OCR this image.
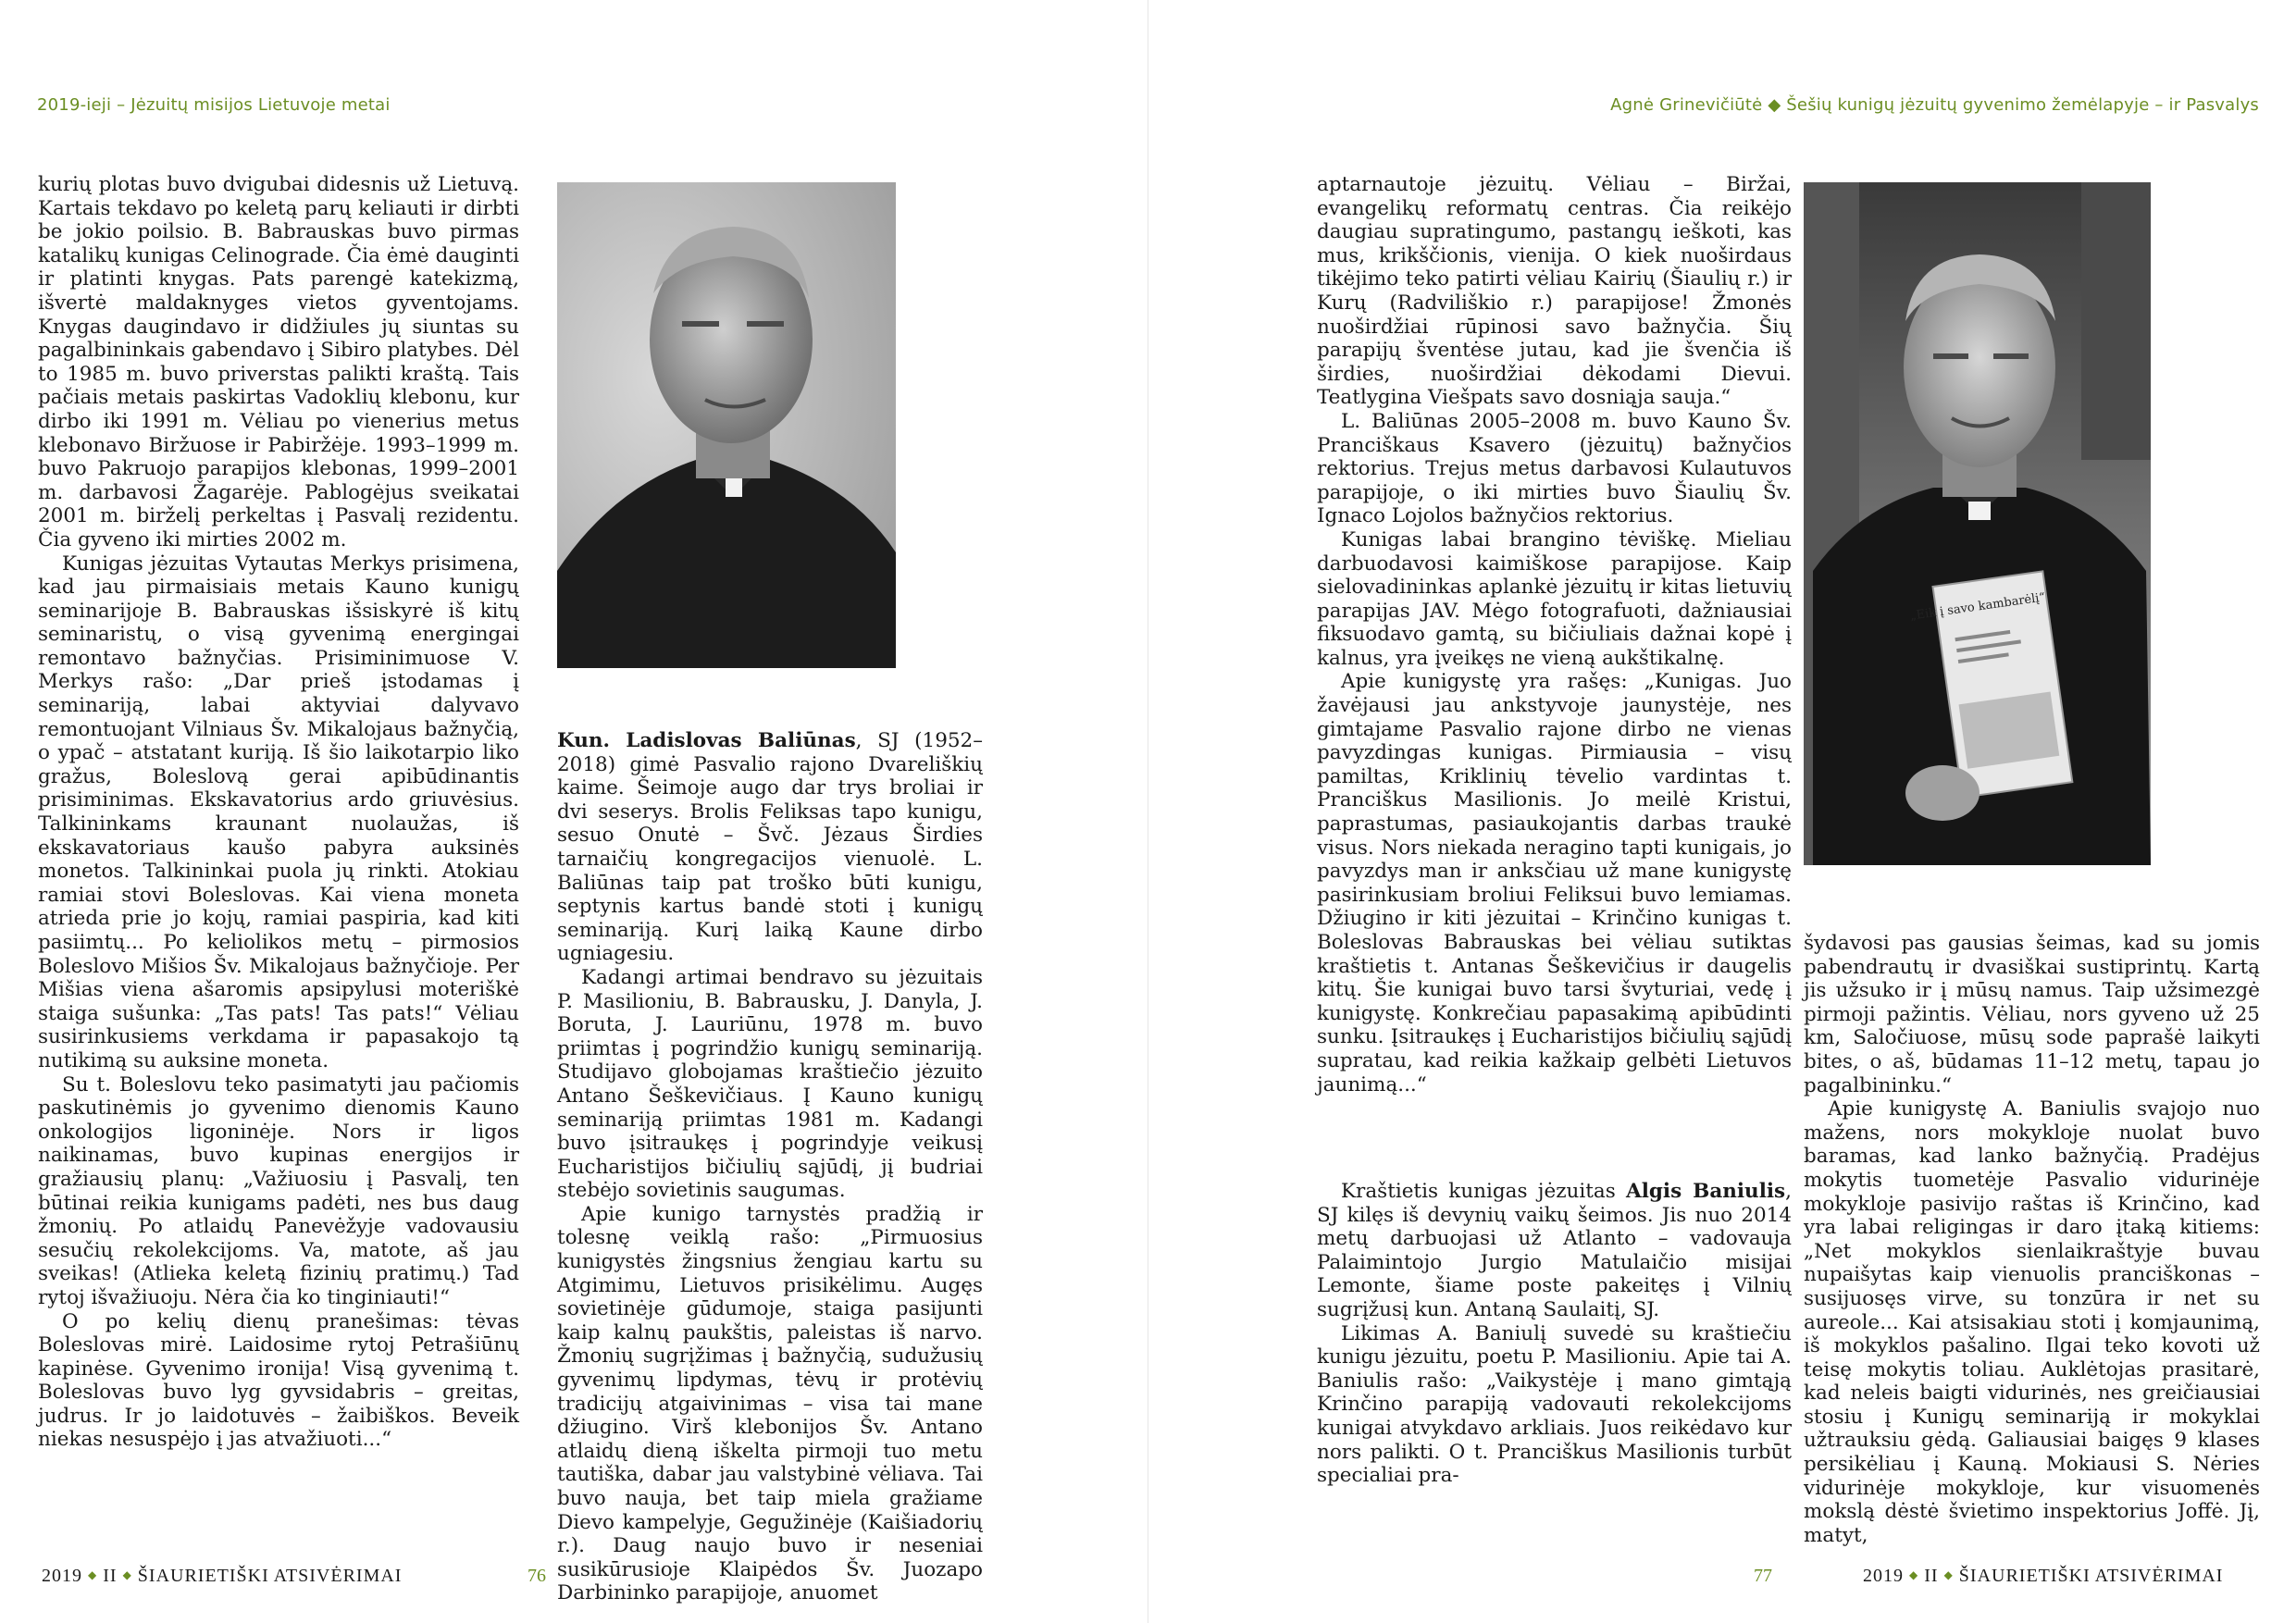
2019-ieji – Jėzuitų misijos Lietuvoje metai

kurių plotas buvo dvigubai didesnis už Lietuvą. Kartais tekdavo po keletą parų keliauti ir dirbti be jokio poilsio. B. Babrauskas buvo pirmas katalikų kunigas Celinograde. Čia ėmė dauginti ir platinti knygas. Pats parengė katekizmą, išvertė maldaknyges vietos gyventojams. Knygas daugindavo ir didžiules jų siuntas su pagalbininkais gabendavo į Sibiro platybes. Dėl to 1985 m. buvo priverstas palikti kraštą. Tais pačiais metais paskirtas Vadoklių klebonu, kur dirbo iki 1991 m. Vėliau po vienerius metus klebonavo Biržuose ir Pabiržėje. 1993–1999 m. buvo Pakruojo parapijos klebonas, 1999–2001 m. darbavosi Žagarėje. Pablogėjus sveikatai 2001 m. birželį perkeltas į Pasvalį rezidentu. Čia gyveno iki mirties 2002 m.

Kunigas jėzuitas Vytautas Merkys prisimena, kad jau pirmaisiais metais Kauno kunigų seminarijoje B. Babrauskas išsiskyrė iš kitų seminaristų, o visą gyvenimą energingai remontavo bažnyčias. Prisiminimuose V. Merkys rašo: „Dar prieš įstodamas į seminariją, labai aktyviai dalyvavo remontuojant Vilniaus Šv. Mikalojaus bažnyčią, o ypač – atstatant kuriją. Iš šio laikotarpio liko gražus, Boleslovą gerai apibūdinantis prisiminimas. Ekskavatorius ardo griuvėsius. Talkininkams kraunant nuolaužas, iš ekskavatoriaus kaušo pabyra auksinės monetos. Talkininkai puola jų rinkti. Atokiau ramiai stovi Boleslovas. Kai viena moneta atrieda prie jo kojų, ramiai paspiria, kad kiti pasiimtų... Po keliolikos metų – pirmosios Boleslovo Mišios Šv. Mikalojaus bažnyčioje. Per Mišias viena ašaromis apsipylusi moteriškė staiga sušunka: „Tas pats! Tas pats!“ Vėliau susirinkusiems verkdama ir papasakojo tą nutikimą su auksine moneta.

Su t. Boleslovu teko pasimatyti jau pačiomis paskutinėmis jo gyvenimo dienomis Kauno onkologijos ligoninėje. Nors ir ligos naikinamas, buvo kupinas energijos ir gražiausių planų: „Važiuosiu į Pasvalį, ten būtinai reikia kunigams padėti, nes bus daug žmonių. Po atlaidų Panevėžyje vadovausiu sesučių rekolekcijoms. Va, matote, aš jau sveikas! (Atlieka keletą fizinių pratimų.) Tad rytoj išvažiuoju. Nėra čia ko tinginiauti!“

O po kelių dienų pranešimas: tėvas Boleslovas mirė. Laidosime rytoj Petrašiūnų kapinėse. Gyvenimo ironija! Visą gyvenimą t. Boleslovas buvo lyg gyvsidabris – greitas, judrus. Ir jo laidotuvės – žaibiškos. Beveik niekas nesuspėjo į jas atvažiuoti...“

Kun. Ladislovas Baliūnas, SJ (1952–2018) gimė Pasvalio rajono Dvareliškių kaime. Šeimoje augo dar trys broliai ir dvi seserys. Brolis Feliksas tapo kunigu, sesuo Onutė – Švč. Jėzaus Širdies tarnaičių kongregacijos vienuolė. L. Baliūnas taip pat troško būti kunigu, septynis kartus bandė stoti į kunigų seminariją. Kurį laiką Kaune dirbo ugniagesiu.

Kadangi artimai bendravo su jėzuitais P. Masilioniu, B. Babrausku, J. Danyla, J. Boruta, J. Lauriūnu, 1978 m. buvo priimtas į pogrindžio kunigų seminariją. Studijavo globojamas kraštiečio jėzuito Antano Šeškevičiaus. Į Kauno kunigų seminariją priimtas 1981 m. Kadangi buvo įsitraukęs į pogrindyje veikusį Eucharistijos bičiulių sąjūdį, jį budriai stebėjo sovietinis saugumas.

Apie kunigo tarnystės pradžią ir tolesnę veiklą rašo: „Pirmuosius kunigystės žingsnius žengiau kartu su Atgimimu, Lietuvos prisikėlimu. Augęs sovietinėje gūdumoje, staiga pasijunti kaip kalnų paukštis, paleistas iš narvo. Žmonių sugrįžimas į bažnyčią, sudužusių gyvenimų lipdymas, tėvų ir protėvių tradicijų atgaivinimas – visa tai mane džiugino. Virš klebonijos Šv. Antano atlaidų dieną iškelta pirmoji tuo metu tautiška, dabar jau valstybinė vėliava. Tai buvo nauja, bet taip miela gražiame Dievo kampelyje, Gegužinėje (Kaišiadorių r.). Daug naujo buvo ir neseniai susikūrusioje Klaipėdos Šv. Juozapo Darbininko parapijoje, anuomet

2019 ◆ II ◆ ŠIAURIETIŠKI ATSIVĖRIMAI	76
Agnė Grinevičiūtė ◆ Šešių kunigų jėzuitų gyvenimo žemėlapyje – ir Pasvalys

aptarnautoje jėzuitų. Vėliau – Biržai, evangelikų reformatų centras. Čia reikėjo daugiau supratingumo, pastangų ieškoti, kas mus, krikščionis, vienija. O kiek nuoširdaus tikėjimo teko patirti vėliau Kairių (Šiaulių r.) ir Kurų (Radviliškio r.) parapijose! Žmonės nuoširdžiai rūpinosi savo bažnyčia. Šių parapijų šventėse jutau, kad jie švenčia iš širdies, nuoširdžiai dėkodami Dievui. Teatlygina Viešpats savo dosniąja sauja.“

L. Baliūnas 2005–2008 m. buvo Kauno Šv. Pranciškaus Ksavero (jėzuitų) bažnyčios rektorius. Trejus metus darbavosi Kulautuvos parapijoje, o iki mirties buvo Šiaulių Šv. Ignaco Lojolos bažnyčios rektorius.

Kunigas labai brangino tėviškę. Mieliau darbuodavosi kaimiškose parapijose. Kaip sielovadininkas aplankė jėzuitų ir kitas lietuvių parapijas JAV. Mėgo fotografuoti, dažniausiai fiksuodavo gamtą, su bičiuliais dažnai kopė į kalnus, yra įveikęs ne vieną aukštikalnę.

Apie kunigystę yra rašęs: „Kunigas. Juo žavėjausi jau ankstyvoje jaunystėje, nes gimtajame Pasvalio rajone dirbo ne vienas pavyzdingas kunigas. Pirmiausia – visų pamiltas, Kriklinių tėvelio vardintas t. Pranciškus Masilionis. Jo meilė Kristui, paprastumas, pasiaukojantis darbas traukė visus. Nors niekada neraginо tapti kunigais, jo pavyzdys man ir anksčiau už mane kunigystę pasirinkusiam broliui Feliksui buvo lemiamas. Džiugino ir kiti jėzuitai – Krinčino kunigas t. Boleslovas Babrauskas bei vėliau sutiktas kraštietis t. Antanas Šeškevičius ir daugelis kitų. Šie kunigai buvo tarsi švyturiai, vedę į kunigystę. Konkrečiau papasakimą apibūdinti sunku. Įsitraukęs į Eucharistijos bičiulių sąjūdį supratau, kad reikia kažkaip gelbėti Lietuvos jaunimą...“

Kraštietis kunigas jėzuitas Algis Baniulis, SJ kilęs iš devynių vaikų šeimos. Jis nuo 2014 metų darbuojasi už Atlanto – vadovauja Palaimintojo Jurgio Matulaičio misijai Lemonte, šiame poste pakeitęs į Vilnių sugrįžusį kun. Antaną Saulaitį, SJ.

Likimas A. Baniulį suvedė su kraštiečiu kunigu jėzuitu, poetu P. Masilioniu. Apie tai A. Baniulis rašo: „Vaikystėje į mano gimtąją Krinčino parapiją vadovauti rekolekcijoms kunigai atvykdavo arkliais. Juos reikėdavo kur nors palikti. O t. Pranciškus Masilionis turbūt specialiai pra-

„Eik į savo kambarėlį“

šydavosi pas gausias šeimas, kad su jomis pabendrautų ir dvasiškai sustiprintų. Kartą jis užsuko ir į mūsų namus. Taip užsimezgė pirmoji pažintis. Vėliau, nors gyveno už 25 km, Saločiuose, mūsų sode paprašė laikyti bites, o aš, būdamas 11–12 metų, tapau jo pagalbininku.“

Apie kunigystę A. Baniulis svajojo nuo mažens, nors mokykloje nuolat buvo baramas, kad lanko bažnyčią. Pradėjus mokytis tuometėje Pasvalio vidurinėje mokykloje pasivijo raštas iš Krinčino, kad yra labai religingas ir daro įtaką kitiems: „Net mokyklos sienlaikraštyje buvau nupaišytas kaip vienuolis pranciškonas – susijuosęs virve, su tonzūra ir net su aureole... Kai atsisakiau stoti į komjaunimą, iš mokyklos pašalino. Ilgai teko kovoti už teisę mokytis toliau. Auklėtojas prasitarė, kad neleis baigti vidurinės, nes greičiausiai stosiu į Kunigų seminariją ir mokyklai užtrauksiu gėdą. Galiausiai baigęs 9 klases persikėliau į Kauną. Mokiausi S. Nėries vidurinėje mokykloje, kur visuomenės mokslą dėstė švietimo inspektorius Joffė. Jį, matyt,

77	2019 ◆ II ◆ ŠIAURIETIŠKI ATSIVĖRIMAI
